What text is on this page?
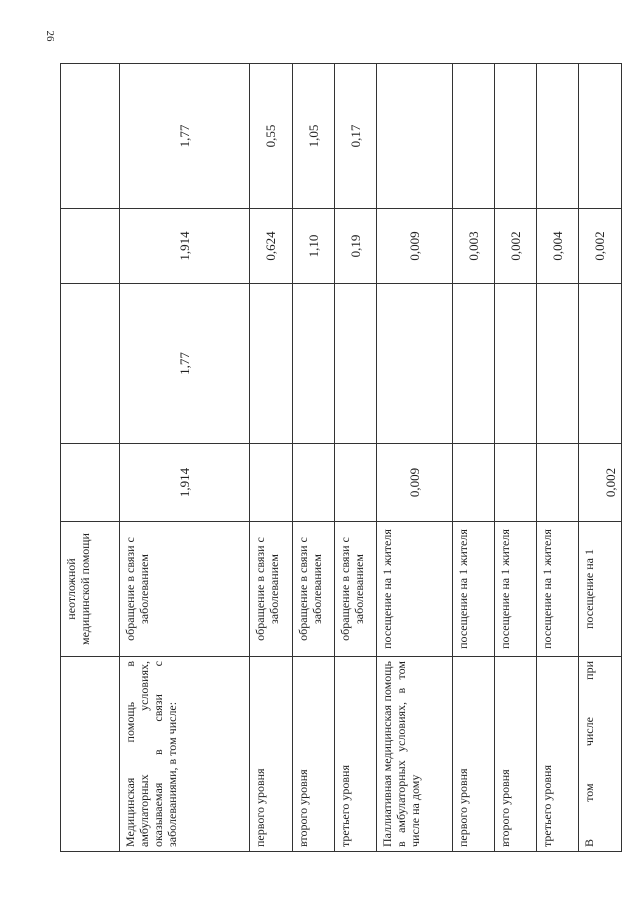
26
	неотложной медицинской помощи				
Медицинская помощь в амбулаторных условиях, оказываемая в связи с заболеваниями, в том числе:	обращение в связи с заболеванием	1,914	1,77	1,914	1,77
первого уровня	обращение в связи с заболеванием			0,624	0,55
второго уровня	обращение в связи с заболеванием			1,10	1,05
третьего уровня	обращение в связи с заболеванием			0,19	0,17
Паллиативная медицинская помощь в амбулаторных условиях, в том числе на дому	посещение на 1 жителя	0,009		0,009	
первого уровня	посещение на 1 жителя			0,003	
второго уровня	посещение на 1 жителя			0,002	
третьего уровня	посещение на 1 жителя			0,004	
В том числе при	посещение на 1	0,002		0,002	
